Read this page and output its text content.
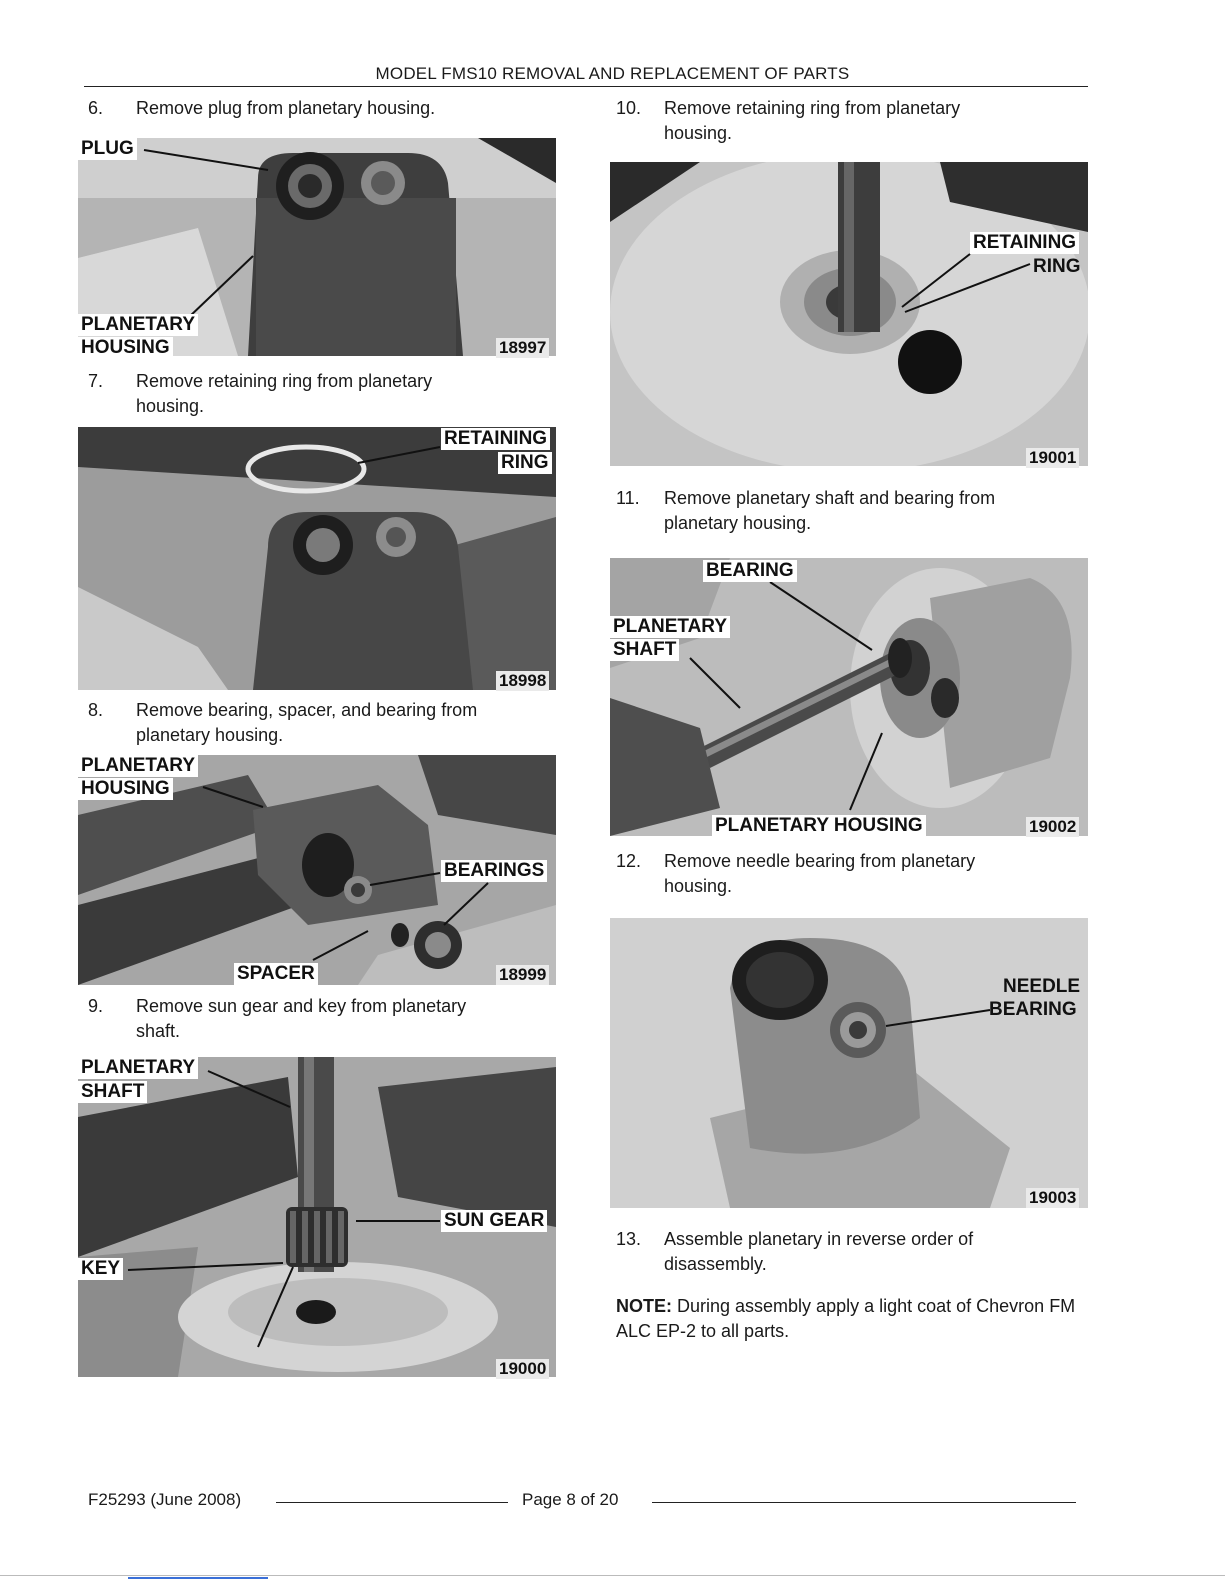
MODEL FMS10 REMOVAL AND REPLACEMENT OF PARTS
6. Remove plug from planetary housing.
PLUG
PLANETARY
HOUSING	18997
7. Remove retaining ring from planetary
housing.
RETAINING
RING
18998
8. Remove bearing, spacer, and bearing from
planetary housing.
PLANETARY
HOUSING
BEARINGS
SPACER	18999
9. Remove sun gear and key from planetary
shaft.
PLANETARY
SHAFT
SUN GEAR
KEY
19000
10. Remove retaining ring from planetary
housing.
RETAINING
RING
19001
11. Remove planetary shaft and bearing from
planetary housing.
BEARING
PLANETARY
SHAFT
PLANETARY HOUSING	19002
12. Remove needle bearing from planetary
housing.
NEEDLE
BEARING
19003
13. Assemble planetary in reverse order of
disassembly.
NOTE: During assembly apply a light coat of Chevron FM ALC EP-2 to all parts.
F25293 (June 2008)	Page 8 of 20
